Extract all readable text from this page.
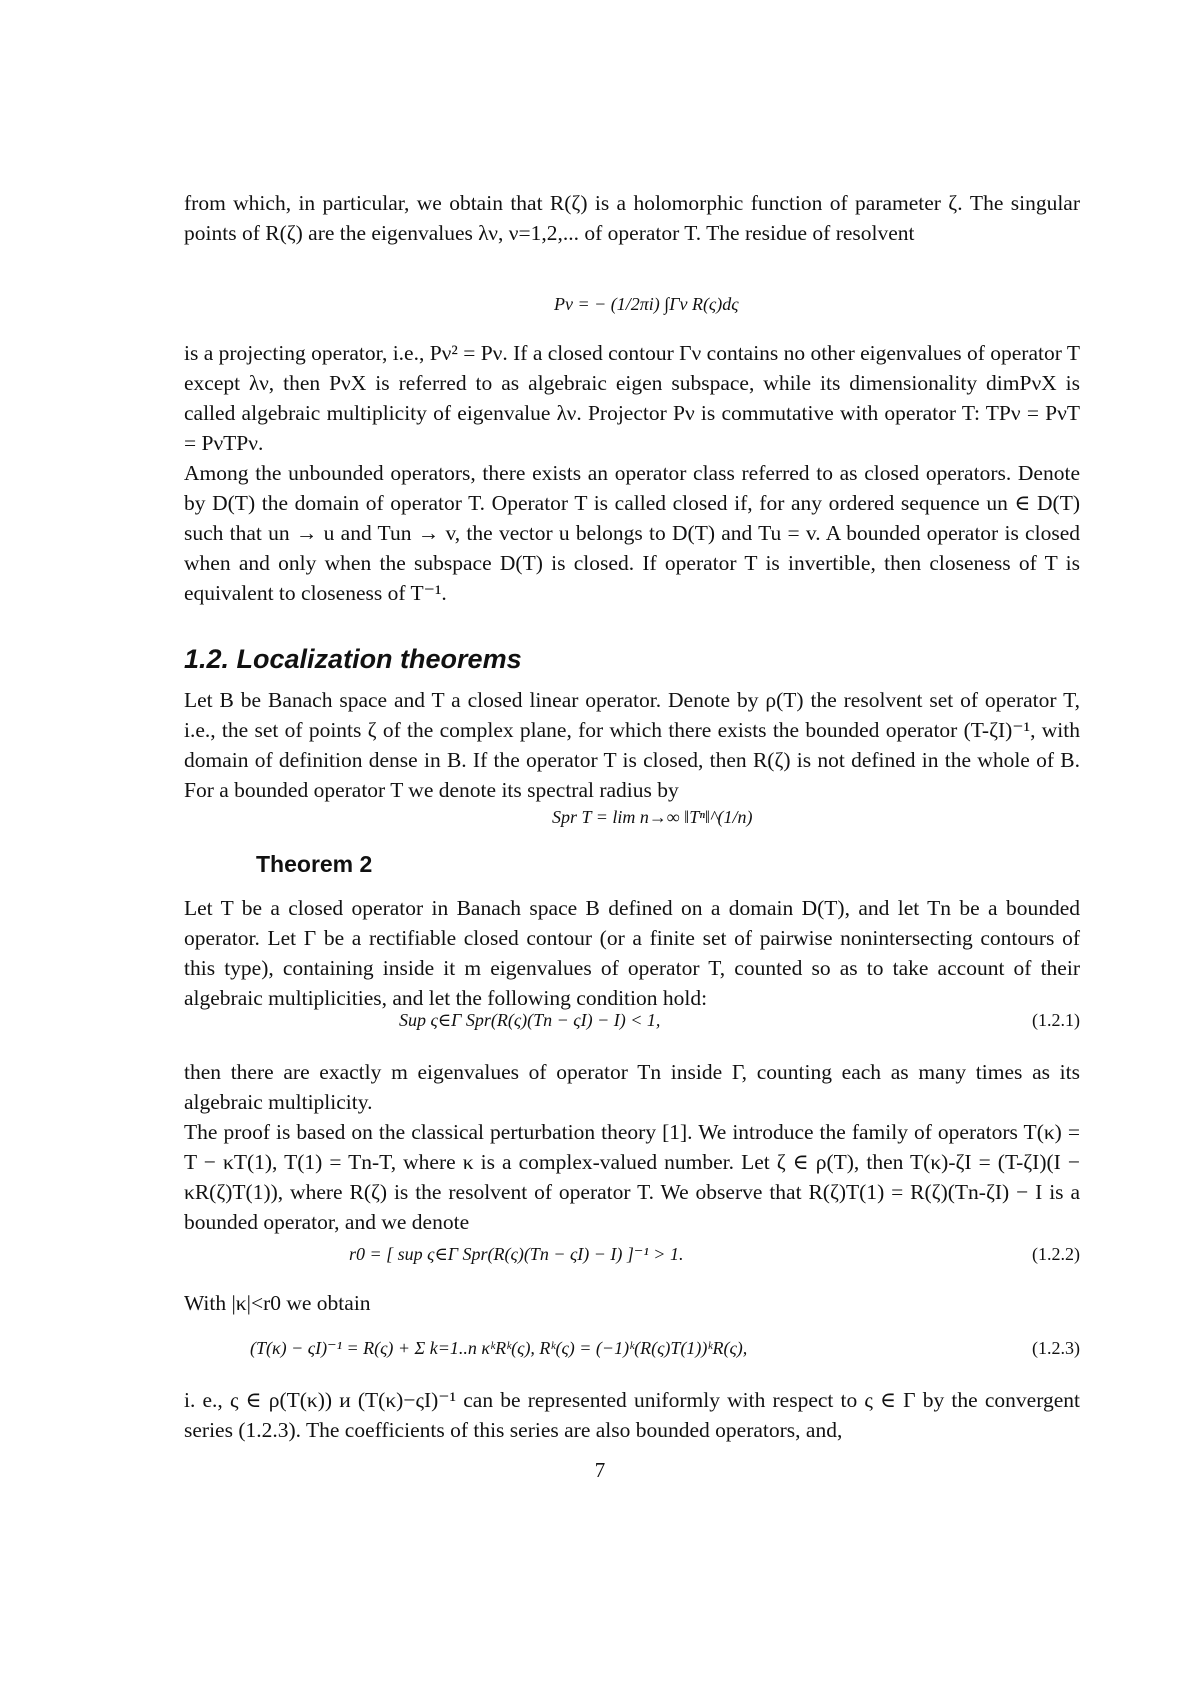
from which, in particular, we obtain that R(ζ) is a holomorphic function of parameter ζ. The singular points of R(ζ) are the eigenvalues λν, ν=1,2,... of operator T. The residue of resolvent

Pν = − (1/2πi) ∫Γν R(ς)dς

is a projecting operator, i.e., Pν² = Pν. If a closed contour Γν contains no other eigenvalues of operator T except λν, then PνX is referred to as algebraic eigen subspace, while its dimensionality dimPνX is called algebraic multiplicity of eigenvalue λν. Projector Pν is commutative with operator T: TPν = PνT = PνTPν.

Among the unbounded operators, there exists an operator class referred to as closed operators. Denote by D(T) the domain of operator T. Operator T is called closed if, for any ordered sequence un ∈ D(T) such that un → u and Tun → v, the vector u belongs to D(T) and Tu = v. A bounded operator is closed when and only when the subspace D(T) is closed. If operator T is invertible, then closeness of T is equivalent to closeness of T⁻¹.

1.2. Localization theorems

Let B be Banach space and T a closed linear operator. Denote by ρ(T) the resolvent set of operator T, i.e., the set of points ζ of the complex plane, for which there exists the bounded operator (T-ζI)⁻¹, with domain of definition dense in B. If the operator T is closed, then R(ζ) is not defined in the whole of B. For a bounded operator T we denote its spectral radius by

Spr T = lim n→∞ ‖Tⁿ‖^(1/n)
Theorem 2

Let T be a closed operator in Banach space B defined on a domain D(T), and let Tn be a bounded operator. Let Γ be a rectifiable closed contour (or a finite set of pairwise nonintersecting contours of this type), containing inside it m eigenvalues of operator T, counted so as to take account of their algebraic multiplicities, and let the following condition hold:

Sup ς∈Γ Spr(R(ς)(Tn − ςI) − I) < 1,	(1.2.1)

then there are exactly m eigenvalues of operator Tn inside Γ, counting each as many times as its algebraic multiplicity.

The proof is based on the classical perturbation theory [1]. We introduce the family of operators T(κ) = T − κT(1), T(1) = Tn-T, where κ is a complex-valued number. Let ζ ∈ ρ(T), then T(κ)-ζI = (T-ζI)(I − κR(ζ)T(1)), where R(ζ) is the resolvent of operator T. We observe that R(ζ)T(1) = R(ζ)(Tn-ζI) − I is a bounded operator, and we denote

r0 = [ sup ς∈Γ Spr(R(ς)(Tn − ςI) − I) ]⁻¹ > 1.	(1.2.2)

With |κ|<r0 we obtain

(T(κ) − ςI)⁻¹ = R(ς) + Σ k=1..n κᵏRᵏ(ς), Rᵏ(ς) = (−1)ᵏ(R(ς)T(1))ᵏR(ς),	(1.2.3)

i. e., ς ∈ ρ(T(κ)) и (T(κ)−ςI)⁻¹ can be represented uniformly with respect to ς ∈ Γ by the convergent series (1.2.3). The coefficients of this series are also bounded operators, and,

7
